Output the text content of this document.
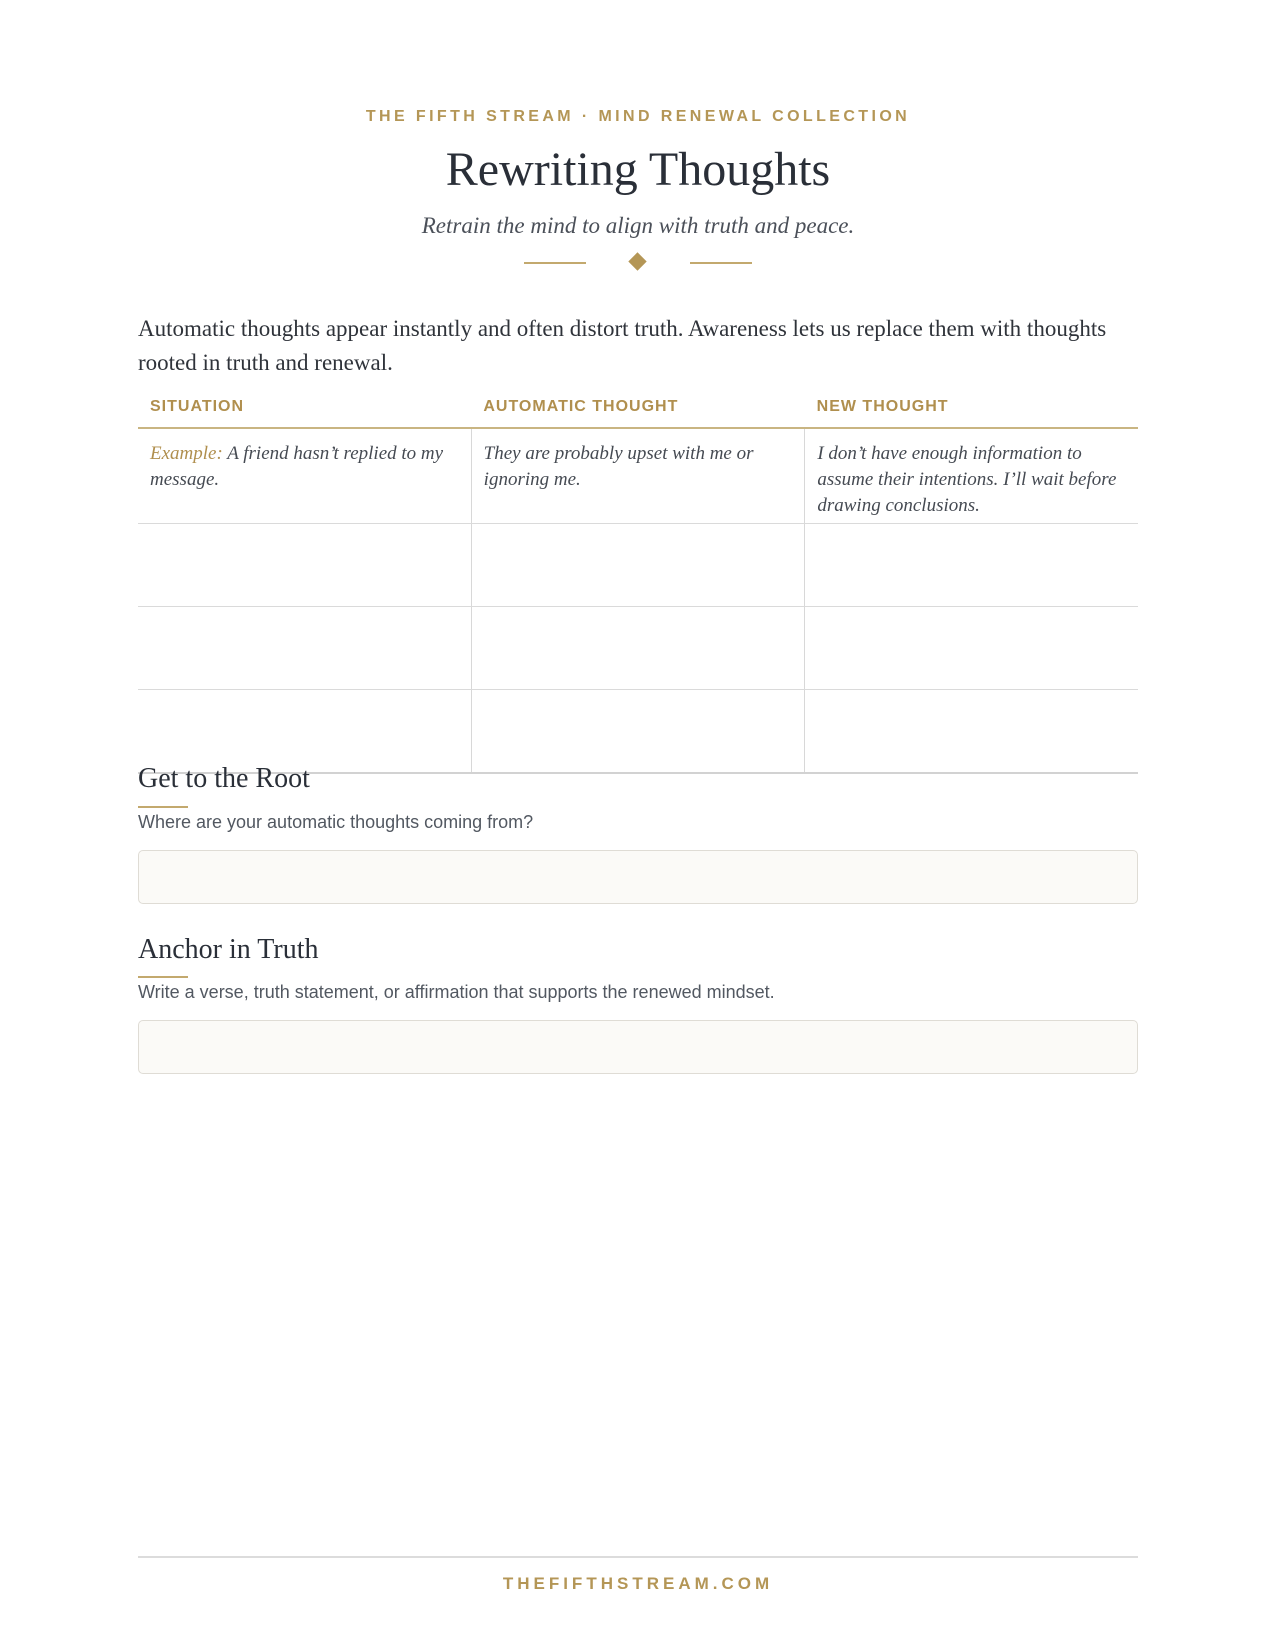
THE FIFTH STREAM · MIND RENEWAL COLLECTION
Rewriting Thoughts
Retrain the mind to align with truth and peace.
Automatic thoughts appear instantly and often distort truth. Awareness lets us replace them with thoughts rooted in truth and renewal.
SITUATION	AUTOMATIC THOUGHT	NEW THOUGHT
Example: A friend hasn’t replied to my message.
They are probably upset with me or ignoring me.
I don’t have enough information to assume their intentions. I’ll wait before drawing conclusions.
Get to the Root
Where are your automatic thoughts coming from?
Anchor in Truth
Write a verse, truth statement, or affirmation that supports the renewed mindset.
THEFIFTHSTREAM.COM
